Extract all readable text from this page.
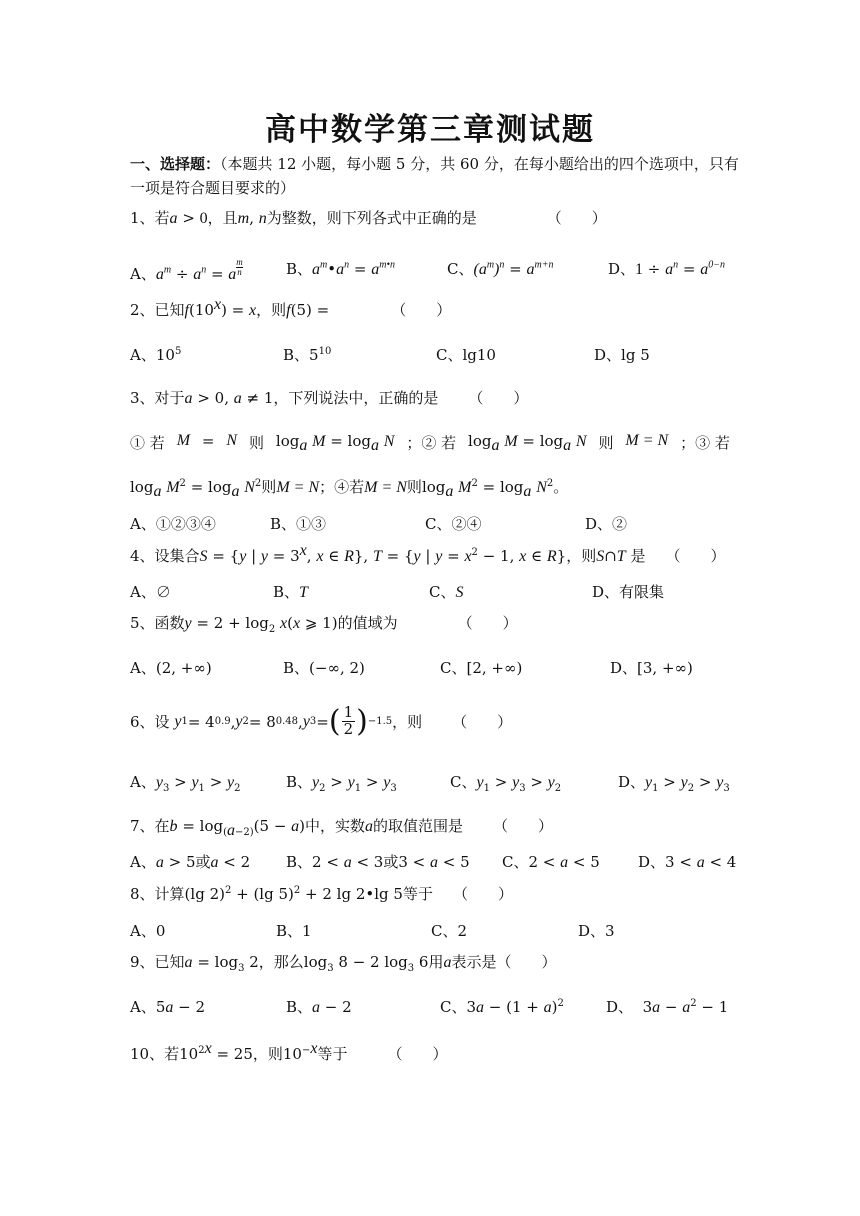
高中数学第三章测试题
一、选择题：（本题共 12 小题，每小题 5 分，共 60 分，在每小题给出的四个选项中，只有
一项是符合题目要求的）
1、若a > 0，且m, n为整数，则下列各式中正确的是	（　　）
A、$a^m \div a^n = a \frac{m}{n}$	B、$a^m•a^n = a^{m•n}$	C、$(a^m)^n = a^{m+n}$	D、$1 \div a^n = a^{0-n}$
2、已知$f(10^x) = x$，则f(5) =	（　　）
A、$10^5$	B、$5^{10}$	C、lg10	D、lg 5
3、对于a > 0, a ≠ 1，下列说法中，正确的是 （　　）
① 若 M = N 则 $\log_a M = \log_a N$ ；② 若 $\log_a M = \log_a N$ 则 M = N ；③ 若
$\log_a M^2 = \log_a N^2$则M = N；④若M = N则$\log_a M^2 = \log_a N^2$。
A、①②③④	B、①③	C、②④	D、②
4、设集合S = {y | $y = 3^x$, x ∈ R}, T = {y | $y = x^2 - 1$, x ∈ R}，则S∩T 是 （　　）
A、∅	B、T	C、S	D、有限集
5、函数$y = 2 + \log_2 x(x$ ⩾ 1)的值域为	（　　）
A、(2, +∞)	B、(−∞, 2)	C、[2, +∞)	D、[3, +∞)
6、设
y 1 = 4 0.9 , y 2 = 8 0.48 , y 3 = ( $\frac{1}{2}$ ) −1.5 ，则 （　　）
A、$y_3 > y_1 > y_2$	B、$y_2 > y_1 > y_3$	C、$y_1 > y_3 > y_2$	D、$y_1 > y_2 > y_3$
7、在$b = \log_{(a-2)}(5 - a)$中，实数a的取值范围是 （　　）
A、a > 5或a < 2 B、2 < a < 3或3 < a < 5 C、2 < a < 5	D、3 < a < 4
8、计算(lg 2)$^2$ + (lg 5)$^2$ + 2 lg 2•lg 5等于 （　　）
A、0	B、1	C、2	D、3
9、已知$a = \log_3 2$，那么$\log_3 8 - 2$ $\log_3 6$用a表示是（　　）
A、5a − 2	B、a − 2	C、$3a - (1 + a)^2$	D、  $3a - a^2 - 1$
10、若$10^{2x} = 25$，则$10^{-x}$等于	（　　）
